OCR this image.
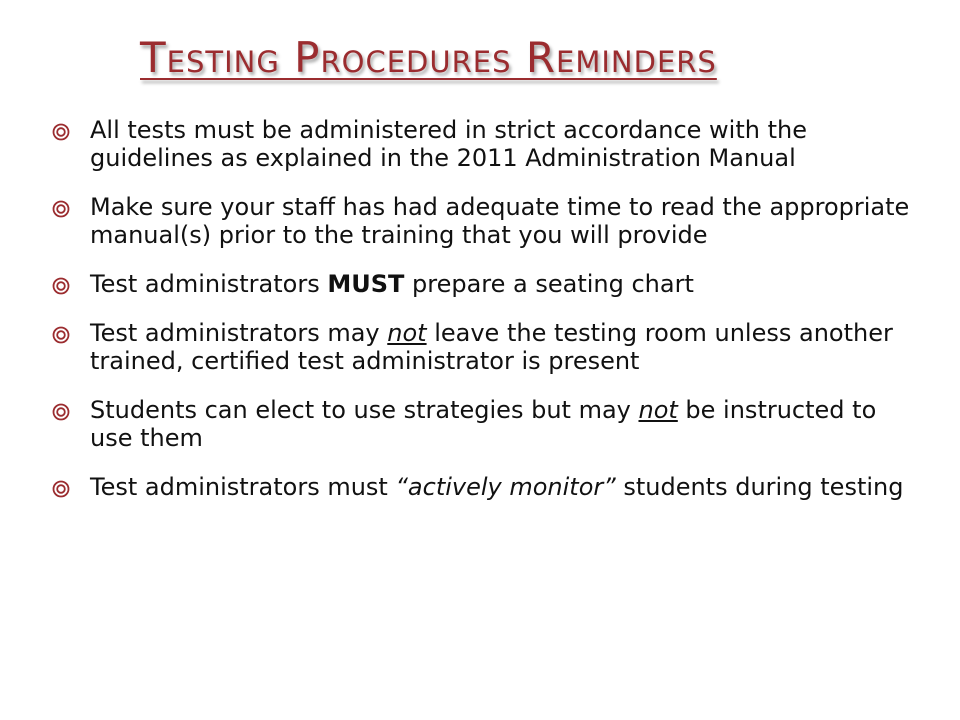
Testing Procedures Reminders
All tests must be administered in strict accordance with the guidelines as explained in the 2011 Administration Manual
Make sure your staff has had adequate time to read the appropriate manual(s) prior to the training that you will provide
Test administrators MUST prepare a seating chart
Test administrators may not leave the testing room unless another trained, certified test administrator is present
Students can elect to use strategies but may not be instructed to use them
Test administrators must “actively monitor” students during testing
